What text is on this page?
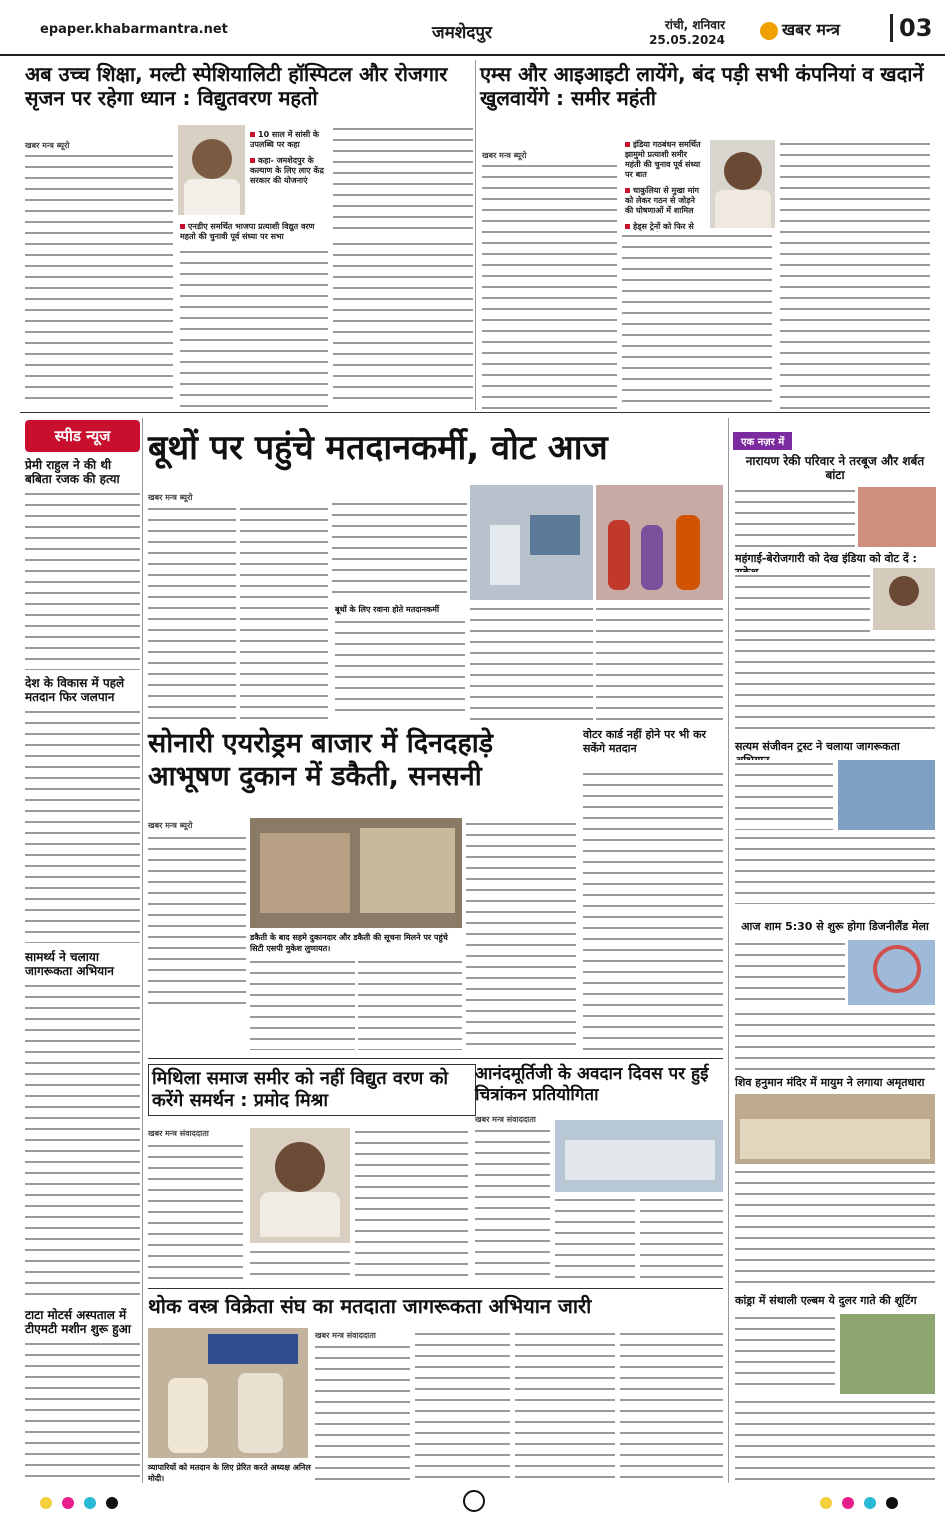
epaper.khabarmantra.net	जमशेदपुर	रांची, शनिवार
25.05.2024
खबर मन्त्र	03
अब उच्च शिक्षा, मल्टी स्पेशियालिटी हॉस्पिटल और रोजगार सृजन पर रहेगा ध्यान : विद्युतवरण महतो
खबर मन्त्र ब्यूरो
10 साल में सांसी के उपलब्धि पर कहा
कहा- जमशेदपुर के कल्याण के लिए लाए केंद्र सरकार की योजनाएं
एनडीए समर्थित भाजपा प्रत्याशी विद्युत वरण महतो की चुनावी पूर्व संध्या पर सभा
एम्स और आइआइटी लायेंगे, बंद पड़ी सभी कंपनियां व खदानें खुलवायेंगे : समीर महंती
खबर मन्त्र ब्यूरो
इंडिया गठबंधन समर्थित झामुमो प्रत्याशी समीर महंती की चुनाव पूर्व संध्या पर बात
चाकुलिया से मुखा मांग को लेकर गठन से जोड़ने की घोषणाओं में शामिल
हेड्स ट्रेनों को फिर से
स्पीड न्यूज
प्रेमी राहुल ने की थी बबिता रजक की हत्या
देश के विकास में पहले मतदान फिर जलपान
सामर्थ्य ने चलाया जागरूकता अभियान
टाटा मोटर्स अस्पताल में टीएमटी मशीन शुरू हुआ
बूथों पर पहुंचे मतदानकर्मी, वोट आज
खबर मन्त्र ब्यूरो
बूथों के लिए रवाना होते मतदानकर्मी
सोनारी एयरोड्रम बाजार में दिनदहाड़े आभूषण दुकान में डकैती, सनसनी
खबर मन्त्र ब्यूरो
डकैती के बाद सहमे दुकानदार और डकैती की सूचना मिलने पर पहुंचे सिटी एसपी मुकेश लुणायत।
वोटर कार्ड नहीं होने पर भी कर सकेंगे मतदान
मिथिला समाज समीर को नहीं विद्युत वरण को करेंगे समर्थन : प्रमोद मिश्रा
खबर मन्त्र संवाददाता
आनंदमूर्तिजी के अवदान दिवस पर हुई चित्रांकन प्रतियोगिता
खबर मन्त्र संवाददाता
थोक वस्त्र विक्रेता संघ का मतदाता जागरूकता अभियान जारी
व्यापारियों को मतदान के लिए प्रेरित करते अध्यक्ष अनिल मोदी।
खबर मन्त्र संवाददाता
एक नज़र में
नारायण रेकी परिवार ने तरबूज और शर्बत बांटा
महंगाई-बेरोजगारी को देख इंडिया को वोट दें :
सत्यम संजीवन ट्रस्ट ने चलाया जागरूकता
आज शाम 5:30 से शुरू होगा डिजनीलैंड मेला
शिव हनुमान मंदिर में मायुम ने लगाया अमृतधारा
कांड्रा में संथाली एल्बम ये दुलर गाते की शूटिंग
